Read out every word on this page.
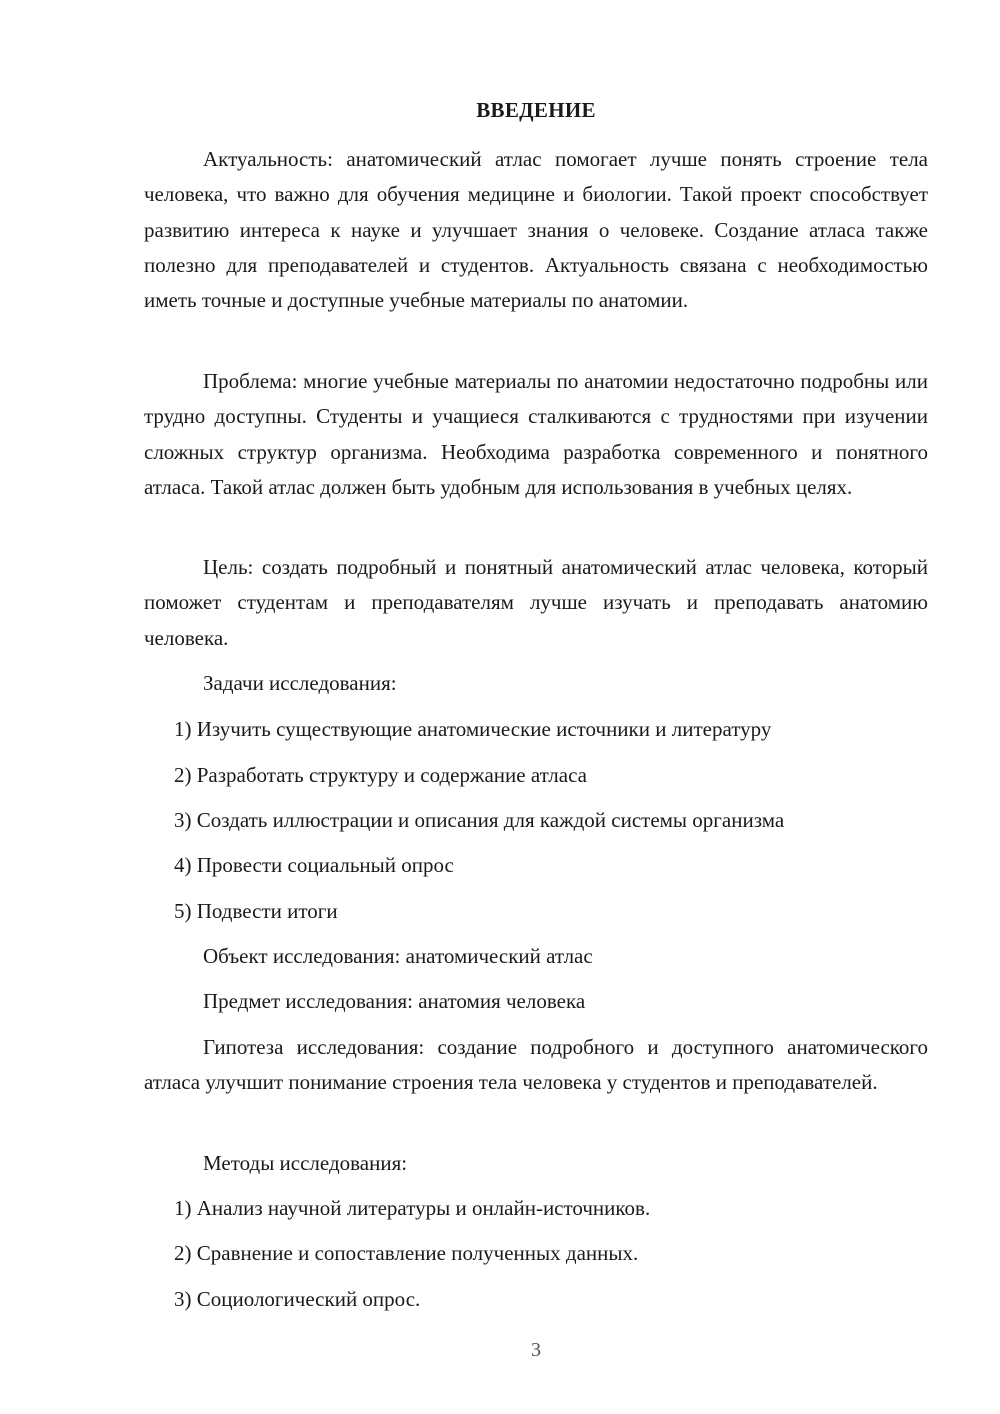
ВВЕДЕНИЕ

Актуальность: анатомический атлас помогает лучше понять строение тела человека, что важно для обучения медицине и биологии. Такой проект способствует развитию интереса к науке и улучшает знания о человеке. Создание атласа также полезно для преподавателей и студентов. Актуальность связана с необходимостью иметь точные и доступные учебные материалы по анатомии.

Проблема: многие учебные материалы по анатомии недостаточно подробны или трудно доступны. Студенты и учащиеся сталкиваются с трудностями при изучении сложных структур организма. Необходима разработка современного и понятного атласа. Такой атлас должен быть удобным для использования в учебных целях.

Цель: создать подробный и понятный анатомический атлас человека, который поможет студентам и преподавателям лучше изучать и преподавать анатомию человека.

Задачи исследования:

1) Изучить существующие анатомические источники и литературу

2) Разработать структуру и содержание атласа

3) Создать иллюстрации и описания для каждой системы организма

4) Провести социальный опрос

5) Подвести итоги

Объект исследования: анатомический атлас

Предмет исследования: анатомия человека

Гипотеза исследования: создание подробного и доступного анатомического атласа улучшит понимание строения тела человека у студентов и преподавателей.

Методы исследования:

1) Анализ научной литературы и онлайн-источников.

2) Сравнение и сопоставление полученных данных.

3) Социологический опрос.

3
